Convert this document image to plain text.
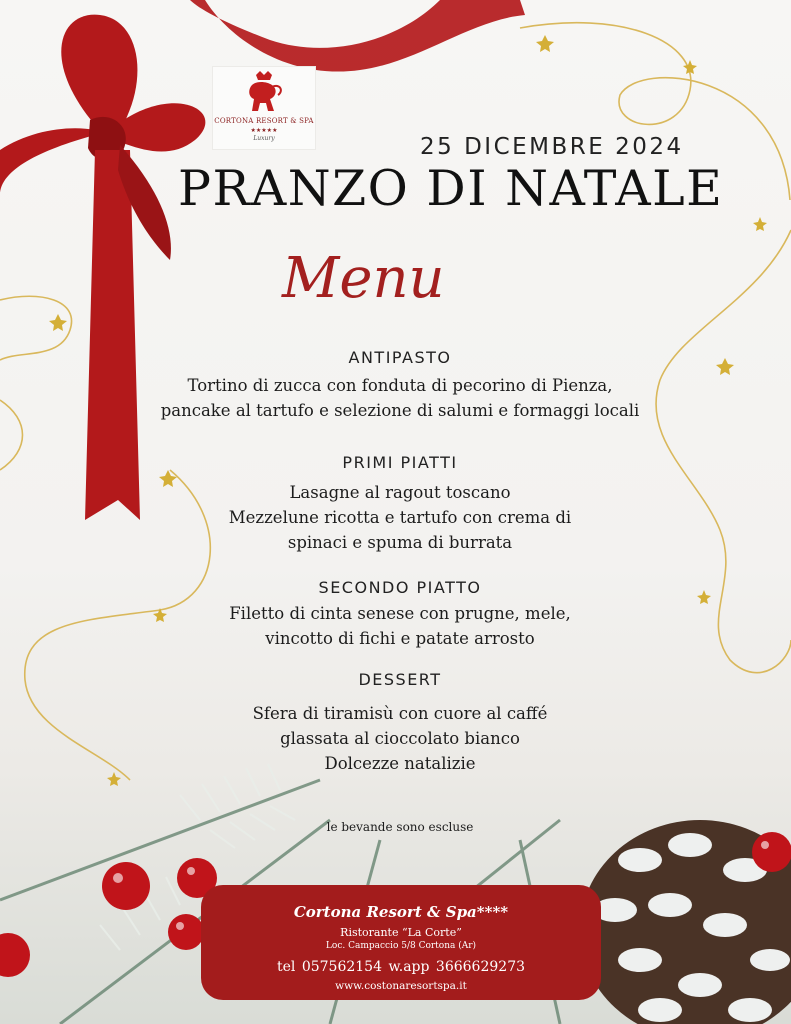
CORTONA RESORT & SPA
★★★★★
Luxury	25 DICEMBRE 2024
PRANZO DI NATALE
Menu
ANTIPASTO
Tortino di zucca con fonduta di pecorino di Pienza,
pancake al tartufo e selezione di salumi e formaggi locali
PRIMI PIATTI
Lasagne al ragout toscano
Mezzelune ricotta e tartufo con crema di
spinaci e spuma di burrata
SECONDO PIATTO
Filetto di cinta senese con prugne, mele,
vincotto di fichi e patate arrosto
DESSERT
Sfera di tiramisù con cuore al caffé
glassata al cioccolato bianco
Dolcezze natalizie
le bevande sono escluse
Cortona Resort & Spa****
Ristorante “La Corte”
Loc. Campaccio 5/8 Cortona (Ar)
tel 057562154 w.app 3666629273
www.costonaresortspa.it
